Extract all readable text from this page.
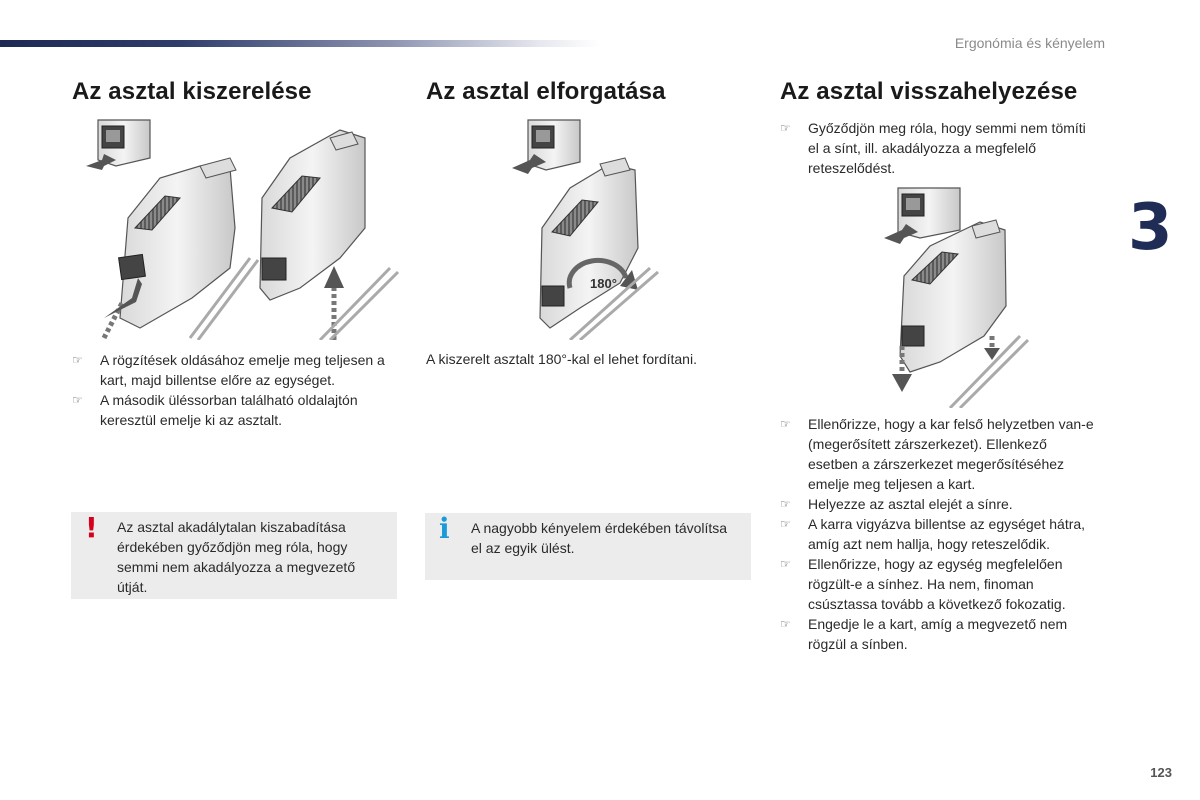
Ergonómia és kényelem
3
Az asztal kiszerelése
☞ A rögzítések oldásához emelje meg teljesen a kart, majd billentse előre az egységet.
☞ A második üléssorban található oldalajtón keresztül emelje ki az asztalt.
! Az asztal akadálytalan kiszabadítása érdekében győződjön meg róla, hogy semmi nem akadályozza a megvezető útját.
Az asztal elforgatása
180°
A kiszerelt asztalt 180°-kal el lehet fordítani.
i A nagyobb kényelem érdekében távolítsa el az egyik ülést.
Az asztal visszahelyezése
☞ Győződjön meg róla, hogy semmi nem tömíti el a sínt, ill. akadályozza a megfelelő reteszelődést.
☞ Ellenőrizze, hogy a kar felső helyzetben van-e (megerősített zárszerkezet). Ellenkező esetben a zárszerkezet megerősítéséhez emelje meg teljesen a kart.
☞ Helyezze az asztal elejét a sínre.
☞ A karra vigyázva billentse az egységet hátra, amíg azt nem hallja, hogy reteszelődik.
☞ Ellenőrizze, hogy az egység megfelelően rögzült-e a sínhez. Ha nem, finoman csúsztassa tovább a következő fokozatig.
☞ Engedje le a kart, amíg a megvezető nem rögzül a sínben.
123
